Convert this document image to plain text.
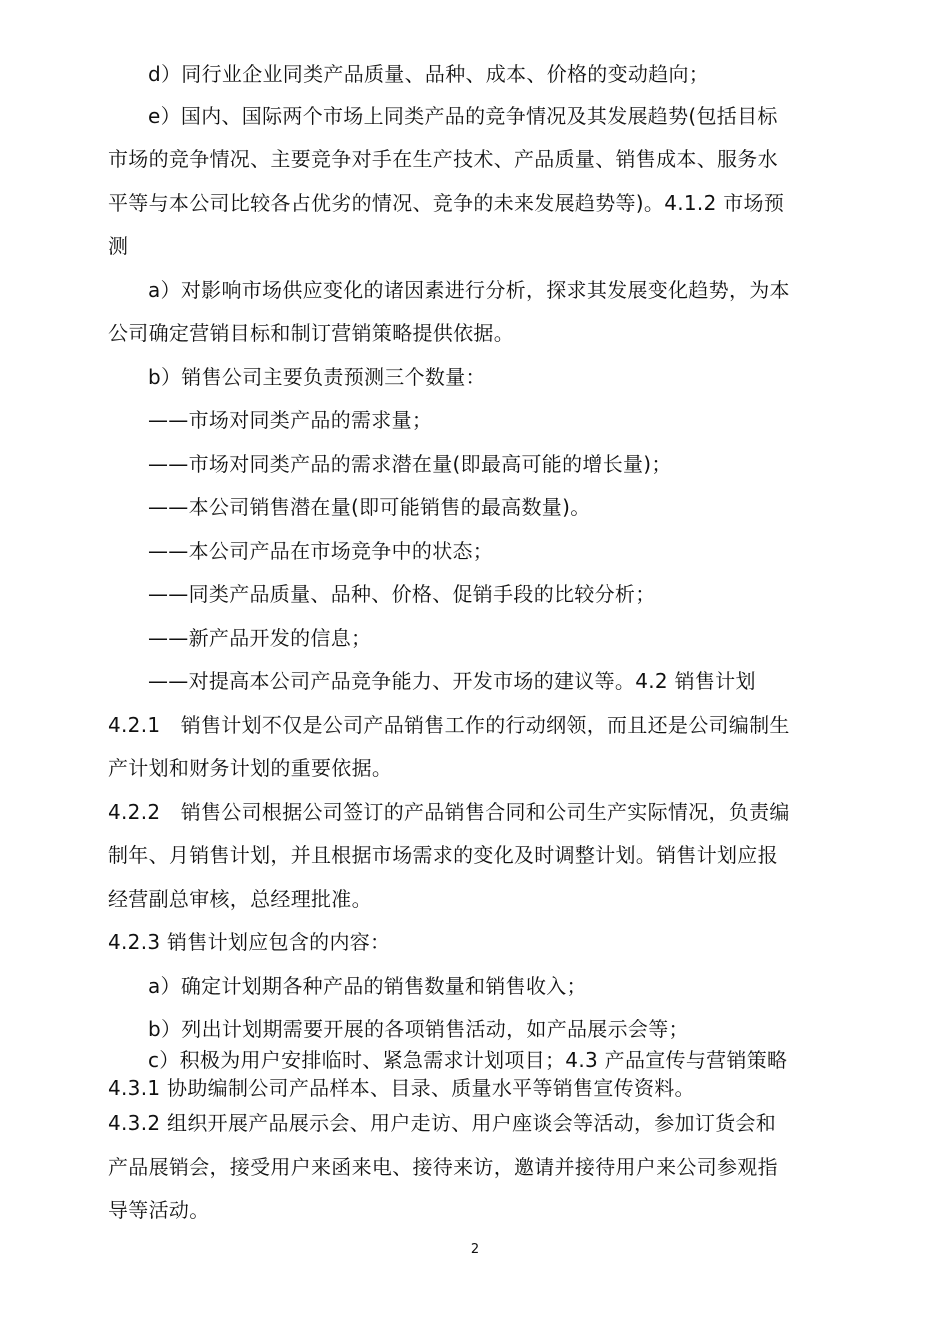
d）同行业企业同类产品质量、品种、成本、价格的变动趋向；
e）国内、国际两个市场上同类产品的竞争情况及其发展趋势(包括目标
市场的竞争情况、主要竞争对手在生产技术、产品质量、销售成本、服务水
平等与本公司比较各占优劣的情况、竞争的未来发展趋势等)。4.1.2 市场预
测
a）对影响市场供应变化的诸因素进行分析，探求其发展变化趋势，为本
公司确定营销目标和制订营销策略提供依据。
b）销售公司主要负责预测三个数量：
——市场对同类产品的需求量；
——市场对同类产品的需求潜在量(即最高可能的增长量)；
——本公司销售潜在量(即可能销售的最高数量)。
——本公司产品在市场竞争中的状态；
——同类产品质量、品种、价格、促销手段的比较分析；
——新产品开发的信息；
——对提高本公司产品竞争能力、开发市场的建议等。4.2 销售计划
4.2.1　销售计划不仅是公司产品销售工作的行动纲领，而且还是公司编制生
产计划和财务计划的重要依据。
4.2.2　销售公司根据公司签订的产品销售合同和公司生产实际情况，负责编
制年、月销售计划，并且根据市场需求的变化及时调整计划。销售计划应报
经营副总审核，总经理批准。
4.2.3 销售计划应包含的内容：
a）确定计划期各种产品的销售数量和销售收入；
b）列出计划期需要开展的各项销售活动，如产品展示会等；
c）积极为用户安排临时、紧急需求计划项目；4.3 产品宣传与营销策略
4.3.1 协助编制公司产品样本、目录、质量水平等销售宣传资料。
4.3.2 组织开展产品展示会、用户走访、用户座谈会等活动，参加订货会和
产品展销会，接受用户来函来电、接待来访，邀请并接待用户来公司参观指
导等活动。
2
